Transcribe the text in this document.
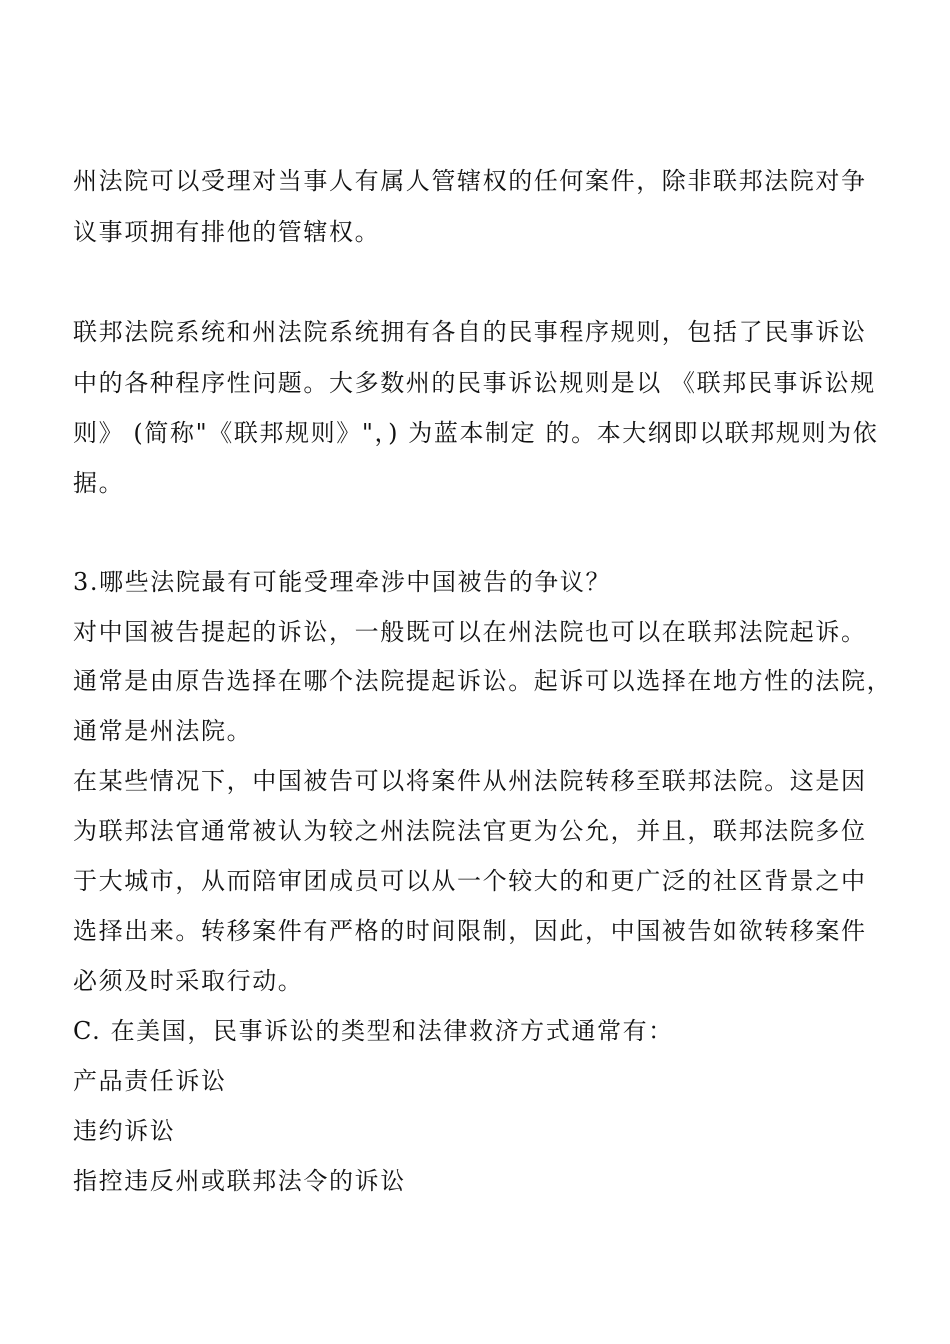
州法院可以受理对当事人有属人管辖权的任何案件，除非联邦法院对争
议事项拥有排他的管辖权。
联邦法院系统和州法院系统拥有各自的民事程序规则，包括了民事诉讼
中的各种程序性问题。大多数州的民事诉讼规则是以 《联邦民事诉讼规
则》 (简称"《联邦规则》"，) 为蓝本制定 的。本大纲即以联邦规则为依
据。
3.哪些法院最有可能受理牵涉中国被告的争议？
对中国被告提起的诉讼，一般既可以在州法院也可以在联邦法院起诉。
通常是由原告选择在哪个法院提起诉讼。起诉可以选择在地方性的法院，
通常是州法院。
在某些情况下，中国被告可以将案件从州法院转移至联邦法院。这是因
为联邦法官通常被认为较之州法院法官更为公允，并且，联邦法院多位
于大城市，从而陪审团成员可以从一个较大的和更广泛的社区背景之中
选择出来。转移案件有严格的时间限制，因此，中国被告如欲转移案件
必须及时采取行动。
C. 在美国，民事诉讼的类型和法律救济方式通常有：
产品责任诉讼
违约诉讼
指控违反州或联邦法令的诉讼
